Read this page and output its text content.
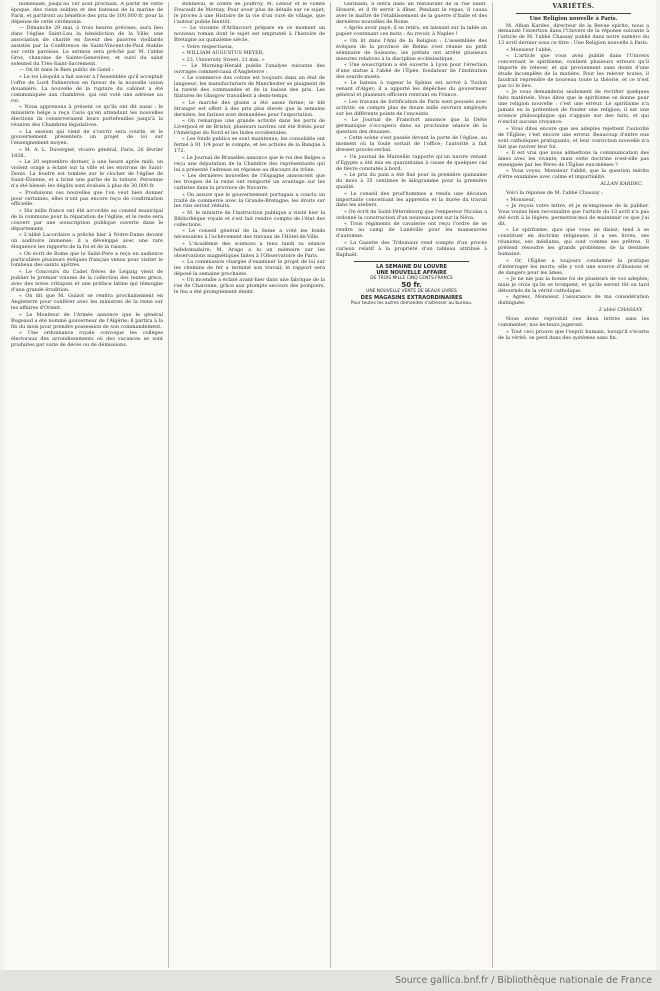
nomenade, jusqu'au 1er août prochain. A partir de cette époque, des vieux soldats et des bateaux de la marine de Paris, et partiront au bénéfice des prix de 300,000 fr. pour la dépense de cette cérémonie.

— Dimanche 29 mai, à trois heures précises, aura lieu dans l'église Saint-Leu la bénédiction de la Ville; une association de charité en faveur des pauvres vieillards assistés par la Conférence de Saint-Vincent-de-Paul établie sur cette paroisse. Le sermon sera prêché par M. l'abbé Gros, chanoine de Sainte-Geneviève, et suivi du salut solennel du Très-Saint-Sacrement.

— On lit dans le Bien public de Gand :

« Le roi Léopold a fait savoir à l'Assemblée qu'il acceptait l'offre de Lord Palmerston en faveur de la nouvelle union douanière. La nouvelle de la rupture du cabinet a été communiquée aux chambres, qui ont voté une adresse au roi.

« Nous apprenons à présent ce qu'ils ont dit aussi : le ministère belge a reçu l'avis qu'en attendant les nouvelles élections ils conserveraient leurs portefeuilles jusqu'à la réunion des Chambres législatives.

« La session qui vient de s'ouvrir sera courte, et le gouvernement présentera un projet de loi sur l'enseignement moyen.

« M. A. L. Duvergier, vicaire général, Paris, 26 février 1838.

« Le 20 septembre dernier, à une heure après midi, un violent orage a éclaté sur la ville et les environs de Saint-Denis. La foudre est tombée sur le clocher de l'église de Saint-Étienne, et a brisé une partie de la toiture. Personne n'a été blessé; les dégâts sont évalués à plus de 30,000 fr.

« Produisons ces nouvelles que l'on veut bien donner pour certaines, elles n'ont pas encore reçu de confirmation officielle.

« Dix mille francs ont été accordés au conseil municipal de la commune pour la réparation de l'église, et le reste sera couvert par une souscription publique ouverte dans le département.

« L'abbé Lacordaire a prêché hier à Notre-Dame devant un auditoire immense; il a développé avec une rare éloquence les rapports de la foi et de la raison.

« On écrit de Rome que le Saint-Père a reçu en audience particulière plusieurs évêques français venus pour visiter le tombeau des saints apôtres.

« Le Concours du Cadet frères de Leipzig vient de publier le premier volume de la collection des textes grecs, avec des notes critiques et une préface latine qui témoigne d'une grande érudition.

« On dit que M. Guizot se rendra prochainement en Angleterre pour conférer avec les ministres de la reine sur les affaires d'Orient.

« Le Moniteur de l'Armée annonce que le général Bugeaud a été nommé gouverneur de l'Algérie; il partira à la fin du mois pour prendre possession de son commandement.

« Une ordonnance royale convoque les collèges électoraux des arrondissements où des vacances se sont produites par suite de décès ou de démissions.

Bonneval, le comte de Jouffroy, M. Lenoir et le comte Foucault de Mornay. Pour avoir plus de détails sur ce sujet, le procès à une Histoire de la vie d'un curé de village, que l'auteur publie bientôt.

— Le vicomte d'Arlincourt prépare en ce moment un nouveau roman dont le sujet est emprunté à l'histoire de Bretagne au quinzième siècle.

« Votre respectueux,

« WILLIAM AUGUSTUS MEYER,

« 23, University Street, 21 mai. »

— Le Morning-Herald publie l'analyse suivante des ouvrages commerciaux d'Angleterre :

« Le commerce des cotons est toujours dans un état de langueur; les manufacturiers de Manchester se plaignent de la rareté des commandes et de la baisse des prix. Les filatures de Glasgow travaillent à demi-temps.

« Le marché des grains a été assez ferme; le blé étranger est offert à des prix plus élevés que la semaine dernière; les farines sont demandées pour l'exportation.

« On remarque une grande activité dans les ports de Liverpool et de Bristol; plusieurs navires ont été frétés pour l'Amérique du Nord et les Indes occidentales.

« Les fonds publics se sont maintenus; les consolidés ont fermé à 91 1/4 pour le compte, et les actions de la Banque à 172.

« Le Journal de Bruxelles annonce que le roi des Belges a reçu une députation de la Chambre des représentants qui lui a présenté l'adresse en réponse au discours du trône.

« Les dernières nouvelles de l'Espagne annoncent que les troupes de la reine ont remporté un avantage sur les carlistes dans la province de Navarre.

« On assure que le gouvernement portugais a conclu un traité de commerce avec la Grande-Bretagne; les droits sur les vins seront réduits.

« M. le ministre de l'instruction publique a visité hier la Bibliothèque royale et s'est fait rendre compte de l'état des collections.

« Le conseil général de la Seine a voté les fonds nécessaires à l'achèvement des travaux de l'Hôtel-de-Ville.

« L'Académie des sciences a tenu lundi sa séance hebdomadaire; M. Arago a lu un mémoire sur les observations magnétiques faites à l'Observatoire de Paris.

« La commission chargée d'examiner le projet de loi sur les chemins de fer a terminé son travail; le rapport sera déposé la semaine prochaine.

« Un incendie a éclaté avant-hier dans une fabrique de la rue de Charonne; grâce aux prompts secours des pompiers, le feu a été promptement éteint.

Garibaldi, il entra dans un restaurant de la rue Saint-Honoré, et il fit servir à dîner. Pendant le repas, il causa avec le maître de l'établissement de la guerre d'Italie et des dernières nouvelles de Rome.

« Après avoir payé, il se retira, en laissant sur la table un papier contenant ces mots : Au revoir, à Naples !

« On lit dans l'Ami de la Religion : L'assemblée des évêques de la province de Reims s'est réunie au petit séminaire de Soissons; les prélats ont arrêté plusieurs mesures relatives à la discipline ecclésiastique.

« Une souscription a été ouverte à Lyon pour l'érection d'une statue à l'abbé de l'Épée, fondateur de l'institution des sourds-muets.

« Le bateau à vapeur le Sphinx est arrivé à Toulon venant d'Alger; il a apporté les dépêches du gouverneur général et plusieurs officiers rentrant en France.

« Les travaux de fortification de Paris sont poussés avec activité; on compte plus de douze mille ouvriers employés sur les différents points de l'enceinte.

« Le Journal de Francfort annonce que la Diète germanique s'occupera dans sa prochaine séance de la question des douanes.

« Cette scène s'est passée devant la porte de l'église, au moment où la foule sortait de l'office; l'autorité a fait dresser procès-verbal.

« Un journal de Marseille rapporte qu'un navire venant d'Égypte a été mis en quarantaine à cause de quelques cas de fièvre constatés à bord.

« Le prix du pain a été fixé pour la première quinzaine du mois à 35 centimes le kilogramme pour la première qualité.

« Le conseil des prud'hommes a rendu une décision importante concernant les apprentis et la durée du travail dans les ateliers.

« On écrit de Saint-Pétersbourg que l'empereur Nicolas a ordonné la construction d'un nouveau pont sur la Néva.

« Trois régiments de cavalerie ont reçu l'ordre de se rendre au camp de Lunéville pour les manœuvres d'automne.

« La Gazette des Tribunaux rend compte d'un procès curieux relatif à la propriété d'un tableau attribué à Raphaël.

LA SEMAINE DU LOUVRE
UNE NOUVELLE AFFAIRE
DE TROIS MILLE CINQ CENTS FRANCS
50 fr.
UNE NOUVELLE VENTE DE BEAUX LIVRES
DES MAGASINS EXTRAORDINAIRES
Pour toutes les autres demandes s'adresser au bureau.
VARIÉTÉS.
Une Religion nouvelle à Paris.

M. Alban Kardec, directeur de la Revue spirite, nous a demandé l'insertion dans l'Univers de la réponse suivante à l'article de M. l'abbé Chassay publié dans notre numéro du 13 avril dernier sous ce titre : Une Religion nouvelle à Paris.

« Monsieur l'abbé,

« L'article que vous avez publié dans l'Univers concernant le spiritisme, contient plusieurs erreurs qu'il importe de relever, et qui proviennent sans doute d'une étude incomplète de la matière. Pour les relever toutes, il faudrait reprendre de nouveau toute la théorie, et ce n'est pas ici le lieu.

« Je vous demanderai seulement de rectifier quelques faits matériels. Vous dites que le spiritisme se donne pour une religion nouvelle : c'est une erreur. Le spiritisme n'a jamais eu la prétention de fonder une religion; il est une science philosophique qui s'appuie sur des faits, et qui n'exclut aucune croyance.

« Vous dites encore que ses adeptes rejettent l'autorité de l'Église; c'est encore une erreur. Beaucoup d'entre eux sont catholiques pratiquants, et leur conviction nouvelle n'a fait que raviver leur foi.

« Il est vrai que nous admettons la communication des âmes avec les vivants; mais cette doctrine n'est-elle pas enseignée par les Pères de l'Église eux-mêmes ?

« Vous voyez, Monsieur l'abbé, que la question mérite d'être examinée avec calme et impartialité.

ALLAN KARDEC.

Voici la réponse de M. l'abbé Chassay :

« Monsieur,

« Je reçois votre lettre, et je m'empresse de la publier. Vous voulez bien reconnaître que l'article du 13 avril n'a pas été écrit à la légère; permettez-moi de maintenir ce que j'ai dit.

« Le spiritisme, quoi que vous en disiez, tend à se constituer en doctrine religieuse; il a ses livres, ses réunions, ses médiums, qui sont comme ses prêtres. Il prétend résoudre les grands problèmes de la destinée humaine.

« Or, l'Église a toujours condamné la pratique d'interroger les morts; elle y voit une source d'illusions et de dangers pour les âmes.

« Je ne nie pas la bonne foi de plusieurs de vos adeptes; mais je crois qu'ils se trompent, et qu'ils seront tôt ou tard détournés de la vérité catholique.

« Agréez, Monsieur, l'assurance de ma considération distinguée.

L'abbé CHASSAY.

Nous avons reproduit ces deux lettres sans les commenter; nos lecteurs jugeront.

« Tout ceci prouve que l'esprit humain, lorsqu'il s'écarte de la vérité, se perd dans des systèmes sans fin.

Source gallica.bnf.fr / Bibliothèque nationale de France
